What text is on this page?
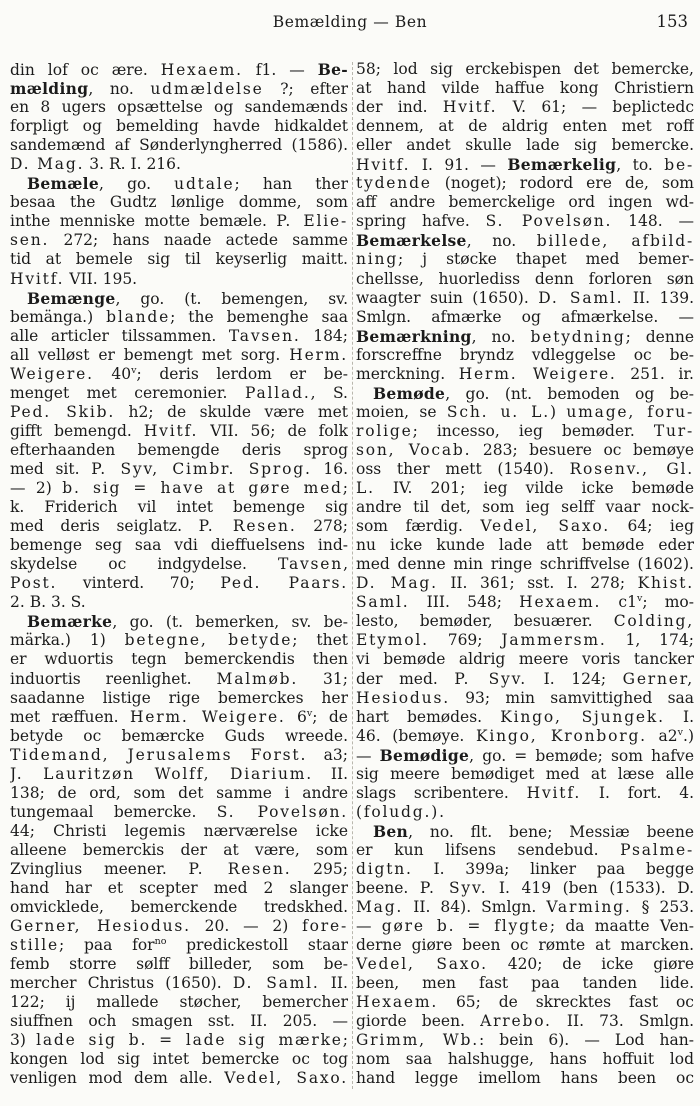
Bemælding — Ben	153
din lof oc ære. Hexaem. f1. — Be-
mælding, no. udmældelse ?; efter
en 8 ugers opsættelse og sandemænds
forpligt og bemelding havde hidkaldet
sandemænd af Sønderlyngherred (1586).
D. Mag. 3. R. I. 216.
Bemæle, go. udtale; han ther
besaa the Gudtz lønlige domme, som
inthe menniske motte bemæle. P. Elie-
sen. 272; hans naade actede samme
tid at bemele sig til keyserlig maitt.
Hvitf. VII. 195.
Bemænge, go. (t. bemengen, sv.
bemänga.) blande; the bemenghe saa
alle articler tilssammen. Tavsen. 184;
all velløst er bemengt met sorg. Herm.
Weigere. 40$^v$; deris lerdom er be-
menget met ceremonier. Pallad., S.
Ped. Skib. h2; de skulde være met
gifft bemengd. Hvitf. VII. 56; de folk
efterhaanden bemengde deris sprog
med sit. P. Syv, Cimbr. Sprog. 16.
— 2) b. sig = have at gøre med;
k. Friderich vil intet bemenge sig
med deris seiglatz. P. Resen. 278;
bemenge seg saa vdi dieffuelsens ind-
skydelse oc indgydelse. Tavsen,
Post. vinterd. 70; Ped. Paars.
2. B. 3. S.
Bemærke, go. (t. bemerken, sv. be-
märka.) 1) betegne, betyde; thet
er wduortis tegn bemerckendis then
induortis reenlighet. Malmøb. 31;
saadanne listige rige bemerckes her
met ræffuen. Herm. Weigere. 6$^v$; de
betyde oc bemærcke Guds wreede.
Tidemand, Jerusalems Forst. a3;
J. Lauritzøn Wolff, Diarium. II.
138; de ord, som det samme i andre
tungemaal bemercke. S. Povelsøn.
44; Christi legemis nærværelse icke
alleene bemerckis der at være, som
Zvinglius meener. P. Resen. 295;
hand har et scepter med 2 slanger
omvicklede, bemerckende tredskhed.
Gerner, Hesiodus. 20. — 2) fore-
stille; paa for$^{no}$ predickestoll staar
femb storre sølff billeder, som be-
mercher Christus (1650). D. Saml. II.
122; ij mallede støcher, bemercher
siuffnen och smagen sst. II. 205. —
3) lade sig b. = lade sig mærke;
kongen lod sig intet bemercke oc tog
venligen mod dem alle. Vedel, Saxo.
58; lod sig erckebispen det bemercke,
at hand vilde haffue kong Christiern
der ind. Hvitf. V. 61; — beplictedc
dennem, at de aldrig enten met roff
eller andet skulle lade sig bemercke.
Hvitf. I. 91. — Bemærkelig, to. be-
tydende (noget); rodord ere de, som
aff andre bemerckelige ord ingen wd-
spring hafve. S. Povelsøn. 148. —
Bemærkelse, no. billede, afbild-
ning; j støcke thapet med bemer-
chellsse, huorlediss denn forloren søn
waagter suin (1650). D. Saml. II. 139.
Smlgn. afmærke og afmærkelse. —
Bemærkning, no. betydning; denne
forscreffne bryndz vdleggelse oc be-
merckning. Herm. Weigere. 251. ir.
Bemøde, go. (nt. bemoden og be-
moien, se Sch. u. L.) umage, foru-
rolige; incesso, ieg bemøder. Tur-
son, Vocab. 283; besuere oc bemøye
oss ther mett (1540). Rosenv., Gl.
L. IV. 201; ieg vilde icke bemøde
andre til det, som ieg selff vaar nock-
som færdig. Vedel, Saxo. 64; ieg
nu icke kunde lade att bemøde eder
med denne min ringe schriffvelse (1602).
D. Mag. II. 361; sst. I. 278; Khist.
Saml. III. 548; Hexaem. c1$^v$; mo-
lesto, bemøder, besuærer. Colding,
Etymol. 769; Jammersm. 1, 174;
vi bemøde aldrig meere voris tancker
der med. P. Syv. I. 124; Gerner,
Hesiodus. 93; min samvittighed saa
hart bemødes. Kingo, Sjungek. I.
46. (bemøye. Kingo, Kronborg. a2$^v$.)
— Bemødige, go. = bemøde; som hafve
sig meere bemødiget med at læse alle
slags scribentere. Hvitf. I. fort. 4.
(foludg.).
Ben, no. flt. bene; Messiæ beene
er kun lifsens sendebud. Psalme-
digtn. I. 399a; linker paa begge
beene. P. Syv. I. 419 (ben (1533). D.
Mag. II. 84). Smlgn. Varming. § 253.
— gøre b. = flygte; da maatte Ven-
derne giøre been oc rømte at marcken.
Vedel, Saxo. 420; de icke giøre
been, men fast paa tanden lide.
Hexaem. 65; de skrecktes fast oc
giorde been. Arrebo. II. 73. Smlgn.
Grimm, Wb.: bein 6). — Lod han-
nom saa halshugge, hans hoffuit lod
hand legge imellom hans been oc
